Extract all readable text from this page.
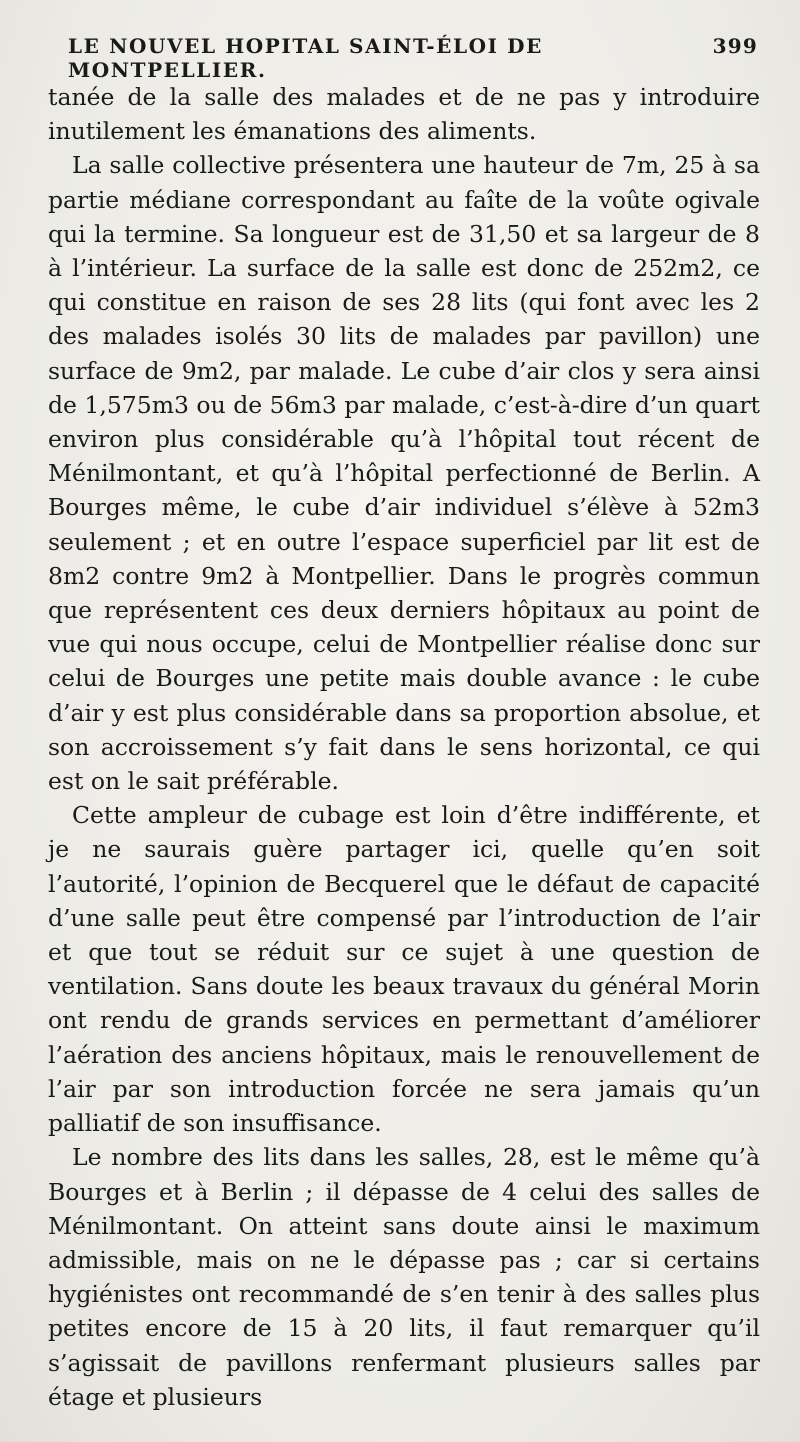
LE NOUVEL HOPITAL SAINT-ÉLOI DE MONTPELLIER.
399

tanée de la salle des malades et de ne pas y introduire inutilement les émanations des aliments.

La salle collective présentera une hauteur de 7m, 25 à sa partie médiane correspondant au faîte de la voûte ogivale qui la termine. Sa longueur est de 31,50 et sa largeur de 8 à l’intérieur. La surface de la salle est donc de 252m2, ce qui constitue en raison de ses 28 lits (qui font avec les 2 des malades isolés 30 lits de malades par pavillon) une surface de 9m2, par malade. Le cube d’air clos y sera ainsi de 1,575m3 ou de 56m3 par malade, c’est-à-dire d’un quart environ plus considérable qu’à l’hôpital tout récent de Ménilmontant, et qu’à l’hôpital perfectionné de Berlin. A Bourges même, le cube d’air individuel s’élève à 52m3 seulement ; et en outre l’espace superficiel par lit est de 8m2 contre 9m2 à Montpellier. Dans le progrès commun que représentent ces deux derniers hôpitaux au point de vue qui nous occupe, celui de Montpellier réalise donc sur celui de Bourges une petite mais double avance : le cube d’air y est plus considérable dans sa proportion absolue, et son accroissement s’y fait dans le sens horizontal, ce qui est on le sait préférable.

Cette ampleur de cubage est loin d’être indifférente, et je ne saurais guère partager ici, quelle qu’en soit l’autorité, l’opinion de Becquerel que le défaut de capacité d’une salle peut être compensé par l’introduction de l’air et que tout se réduit sur ce sujet à une question de ventilation. Sans doute les beaux travaux du général Morin ont rendu de grands services en permettant d’améliorer l’aération des anciens hôpitaux, mais le renouvellement de l’air par son introduction forcée ne sera jamais qu’un palliatif de son insuffisance.

Le nombre des lits dans les salles, 28, est le même qu’à Bourges et à Berlin ; il dépasse de 4 celui des salles de Ménilmontant. On atteint sans doute ainsi le maximum admissible, mais on ne le dépasse pas ; car si certains hygiénistes ont recommandé de s’en tenir à des salles plus petites encore de 15 à 20 lits, il faut remarquer qu’il s’agissait de pavillons renfermant plusieurs salles par étage et plusieurs
